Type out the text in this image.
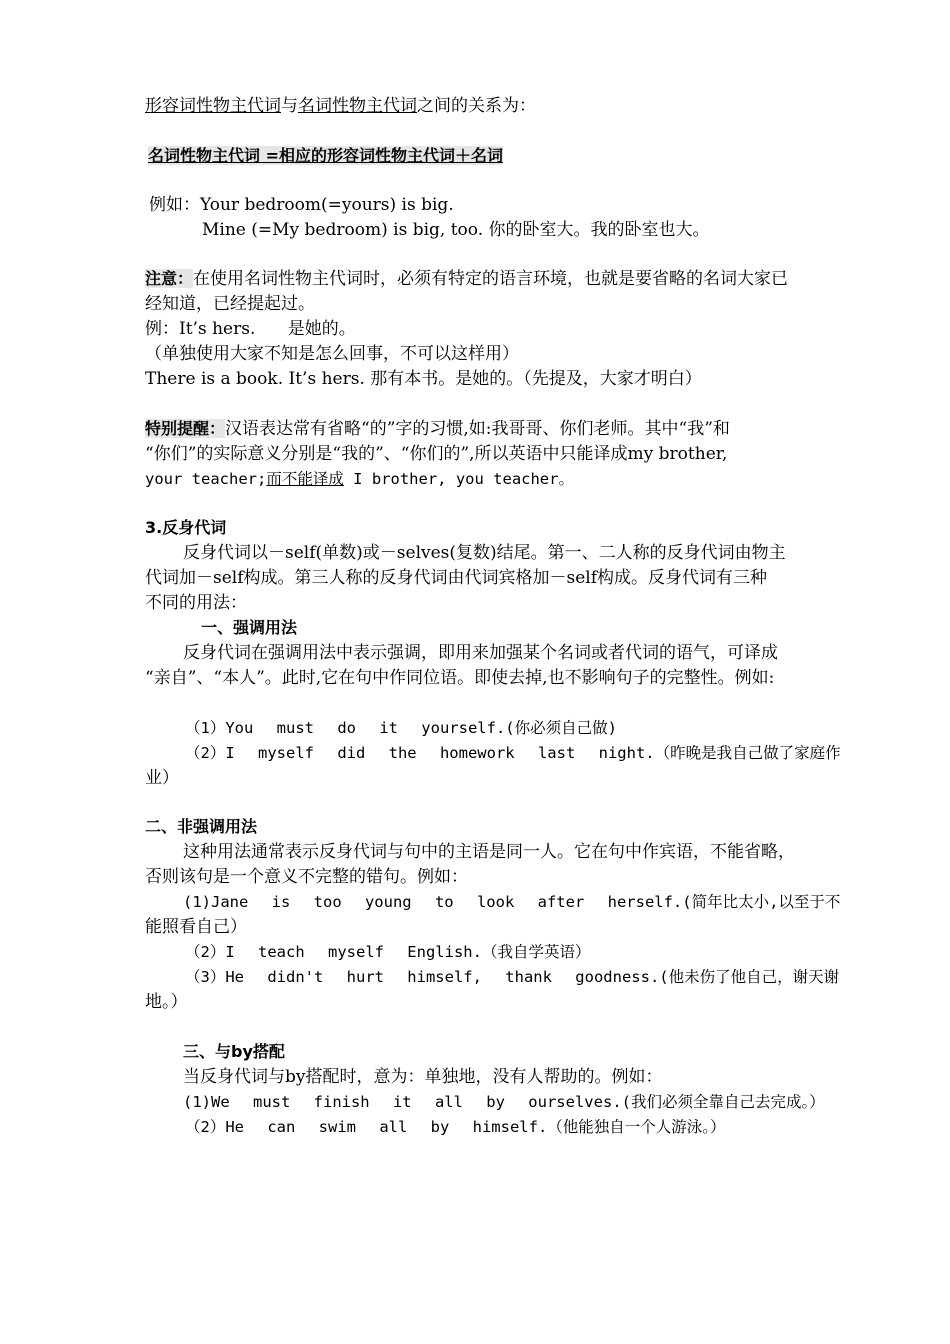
形容词性物主代词与名词性物主代词之间的关系为：
名词性物主代词 =相应的形容词性物主代词＋名词
例如：Your bedroom(=yours) is big.
Mine (=My bedroom) is big, too. 你的卧室大。我的卧室也大。
注意：在使用名词性物主代词时，必须有特定的语言环境，也就是要省略的名词大家已
经知道，已经提起过。
例：It’s hers.      是她的。
（单独使用大家不知是怎么回事，不可以这样用）
There is a book. It’s hers. 那有本书。是她的。（先提及，大家才明白）
特别提醒：汉语表达常有省略“的”字的习惯,如:我哥哥、你们老师。其中“我”和
“你们”的实际意义分别是“我的”、“你们的”,所以英语中只能译成my brother,
your teacher;而不能译成 I brother, you teacher。
3.反身代词
反身代词以－self(单数)或－selves(复数)结尾。第一、二人称的反身代词由物主
代词加－self构成。第三人称的反身代词由代词宾格加－self构成。反身代词有三种
不同的用法：
一、强调用法
反身代词在强调用法中表示强调，即用来加强某个名词或者代词的语气，可译成
“亲自”、“本人”。此时,它在句中作同位语。即使去掉,也不影响句子的完整性。例如:
（1）You must do it yourself.(你必须自己做)
（2）I myself did the homework last night.（昨晚是我自己做了家庭作
业）
二、非强调用法
这种用法通常表示反身代词与句中的主语是同一人。它在句中作宾语，不能省略，
否则该句是一个意义不完整的错句。例如：
(1)Jane is too young to look after herself.(简年比太小,以至于不
能照看自己）
（2）I teach myself English.（我自学英语）
（3）He didn't hurt himself, thank goodness.(他未伤了他自己，谢天谢
地。）
三、与by搭配
当反身代词与by搭配时，意为：单独地，没有人帮助的。例如：
(1)We must finish it all by ourselves.(我们必须全靠自己去完成。）
（2）He can swim all by himself.（他能独自一个人游泳。）
